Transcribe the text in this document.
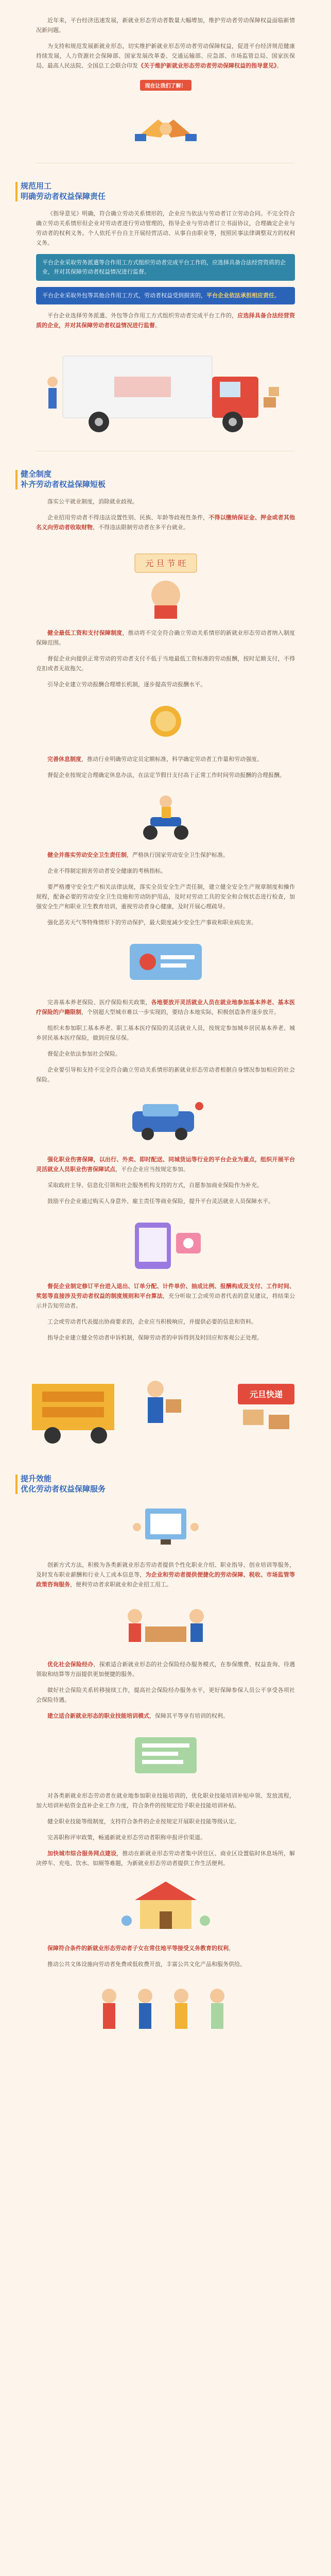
近年来，平台经济迅速发展，新就业形态劳动者数量大幅增加，维护劳动者劳动保障权益面临新情况新问题。

为支持和规范发展新就业形态，切实维护新就业形态劳动者劳动保障权益，促进平台经济规范健康持续发展，人力资源社会保障部、国家发展改革委、交通运输部、应急部、市场监管总局、国家医保局、最高人民法院、全国总工会联合印发《关于维护新就业形态劳动者劳动保障权益的指导意见》。

现在让我们了解！
规范用工
明确劳动者权益保障责任

《指导意见》明确，符合确立劳动关系情形的，企业应当依法与劳动者订立劳动合同。不完全符合确立劳动关系情形但企业对劳动者进行劳动管理的，指导企业与劳动者订立书面协议，合理确定企业与劳动者的权利义务。个人依托平台自主开展经营活动、从事自由职业等，按照民事法律调整双方的权利义务。

平台企业采取劳务派遣等合作用工方式组织劳动者完成平台工作的，应选择具备合法经营资质的企业，并对其保障劳动者权益情况进行监督。
平台企业采取外包等其他合作用工方式，劳动者权益受到损害的，平台企业依法承担相应责任。

平台企业选择劳务派遣、外包等合作用工方式组织劳动者完成平台工作的，应选择具备合法经营资质的企业，并对其保障劳动者权益情况进行监督。

健全制度
补齐劳动者权益保障短板

落实公平就业制度，消除就业歧视。

企业招用劳动者不得违法设置性别、民族、年龄等歧视性条件，不得以缴纳保证金、押金或者其他名义向劳动者收取财物，不得违法限制劳动者在多平台就业。

元 旦 节 旺

健全最低工资和支付保障制度，推动将不完全符合确立劳动关系情形的新就业形态劳动者纳入制度保障范围。

督促企业向提供正常劳动的劳动者支付不低于当地最低工资标准的劳动报酬，按时足额支付，不得克扣或者无故拖欠。

引导企业建立劳动报酬合理增长机制，逐步提高劳动报酬水平。

完善休息制度，推动行业明确劳动定员定额标准，科学确定劳动者工作量和劳动强度。

督促企业按规定合理确定休息办法，在法定节假日支付高于正常工作时间劳动报酬的合理报酬。

健全并落实劳动安全卫生责任制，严格执行国家劳动安全卫生保护标准。

企业不得制定损害劳动者安全健康的考核指标。

要严格遵守安全生产相关法律法规，落实全员安全生产责任制，建立健全安全生产规章制度和操作规程，配备必要的劳动安全卫生设施和劳动防护用品，及时对劳动工具的安全和合规状态进行检查，加强安全生产和职业卫生教育培训，重视劳动者身心健康，及时开展心理疏导。

强化恶劣天气等特殊情形下的劳动保护，最大限度减少安全生产事故和职业病危害。

完善基本养老保险、医疗保险相关政策，各地要放开灵活就业人员在就业地参加基本养老、基本医疗保险的户籍限制，个别超大型城市难以一步实现的，要结合本地实际，积极创造条件逐步放开。

组织未参加职工基本养老、职工基本医疗保险的灵活就业人员，按规定参加城乡居民基本养老、城乡居民基本医疗保险，做到应保尽保。

督促企业依法参加社会保险。

企业要引导和支持不完全符合确立劳动关系情形的新就业形态劳动者根据自身情况参加相应的社会保险。

强化职业伤害保障，以出行、外卖、即时配送、同城货运等行业的平台企业为重点，组织开展平台灵活就业人员职业伤害保障试点，平台企业应当按规定参加。

采取政府主导、信息化引领和社会服务机构支持的方式，自愿参加商业保险作为补充。

鼓励平台企业通过购买人身意外、雇主责任等商业保险，提升平台灵活就业人员保障水平。

督促企业制定修订平台进入退出、订单分配、计件单价、抽成比例、报酬构成及支付、工作时间、奖惩等直接涉及劳动者权益的制度规则和平台算法，充分听取工会或劳动者代表的意见建议，将结果公示并告知劳动者。

工会或劳动者代表提出协商要求的，企业应当积极响应，并提供必要的信息和资料。

指导企业建立健全劳动者申诉机制，保障劳动者的申诉得到及时回应和客观公正处理。

元旦快递
提升效能
优化劳动者权益保障服务

创新方式方法，积极为各类新就业形态劳动者提供个性化职业介绍、职业指导、创业培训等服务，及时发布职业薪酬和行业人工成本信息等，为企业和劳动者提供便捷化的劳动保障、税收、市场监管等政策咨询服务，便利劳动者求职就业和企业招工用工。

优化社会保险经办，探索适合新就业形态的社会保险经办服务模式，在参保缴费、权益查询、待遇领取和结算等方面提供更加便捷的服务。

做好社会保险关系转移接续工作，提高社会保险经办服务水平，更好保障参保人员公平享受各项社会保险待遇。

建立适合新就业形态的职业技能培训模式，保障其平等享有培训的权利。

对各类新就业形态劳动者在就业地参加职业技能培训的，优化职业技能培训补贴申领、发放流程，加大培训补贴资金直补企业工作力度，符合条件的按规定给予职业技能培训补贴。

健全职业技能等级制度，支持符合条件的企业按规定开展职业技能等级认定。

完善职称评审政策，畅通新就业形态劳动者职称申报评价渠道。

加快城市综合服务网点建设，推动在新就业形态劳动者集中居住区、商业区设置临时休息场所，解决停车、充电、饮水、如厕等难题，为新就业形态劳动者提供工作生活便利。

保障符合条件的新就业形态劳动者子女在常住地平等接受义务教育的权利。

推动公共文体设施向劳动者免费或低收费开放，丰富公共文化产品和服务供给。
